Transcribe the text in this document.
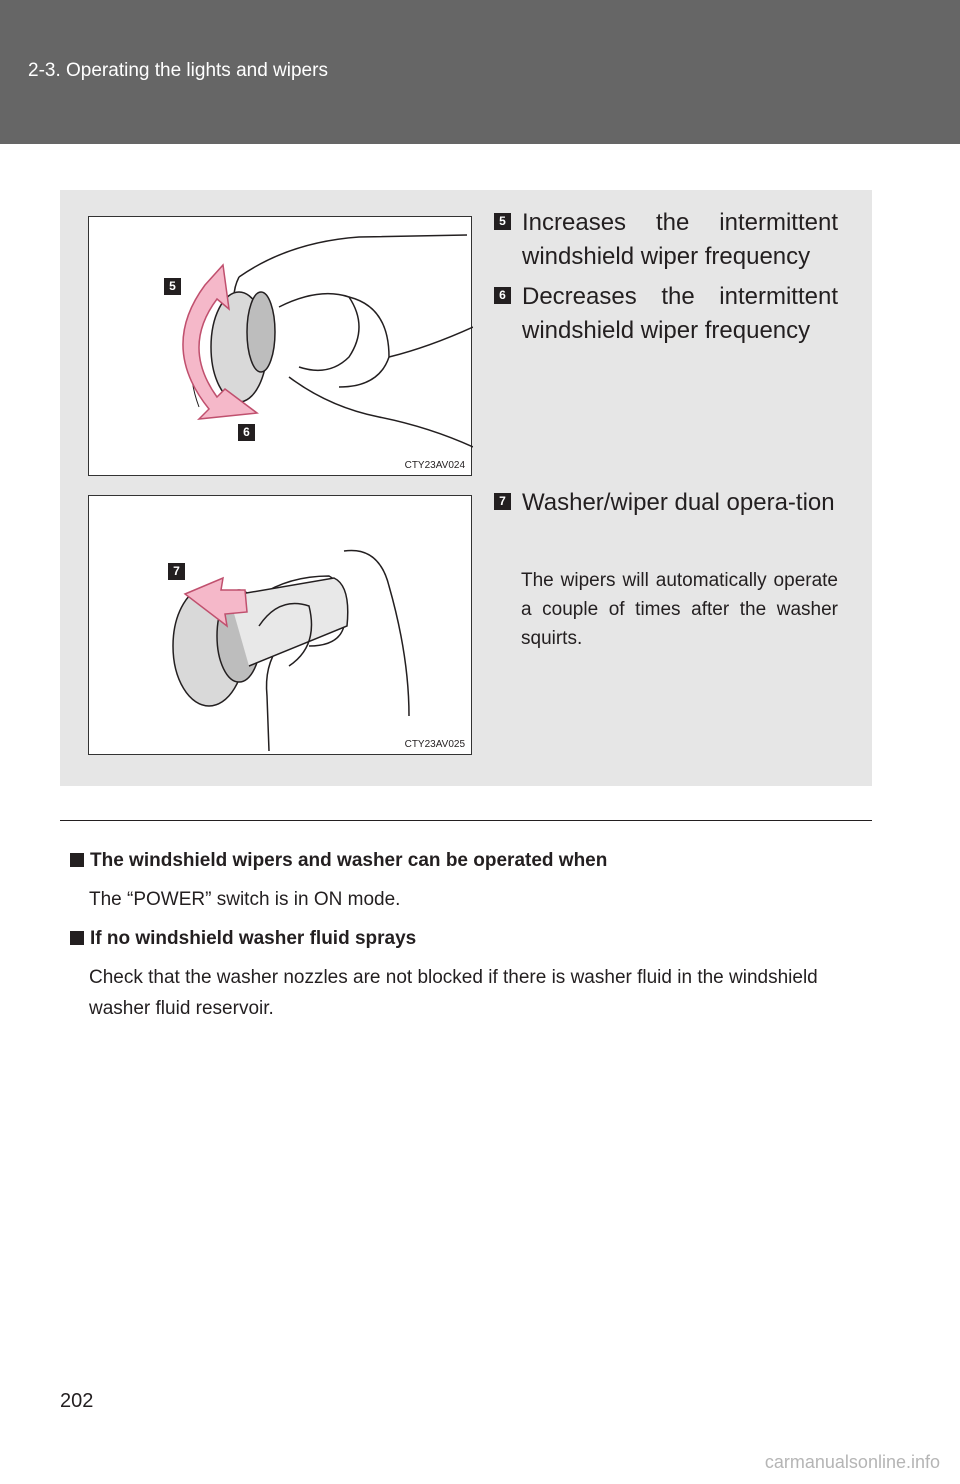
2-3. Operating the lights and wipers
CTY23AV024
5
6
CTY23AV025
7
5 Increases the intermittent windshield wiper frequency
6 Decreases the intermittent windshield wiper frequency
7 Washer/wiper dual opera-tion
The wipers will automatically operate a couple of times after the washer squirts.
The windshield wipers and washer can be operated when
The “POWER” switch is in ON mode.
If no windshield washer fluid sprays
Check that the washer nozzles are not blocked if there is washer fluid in the windshield washer fluid reservoir.
202
carmanualsonline.info
